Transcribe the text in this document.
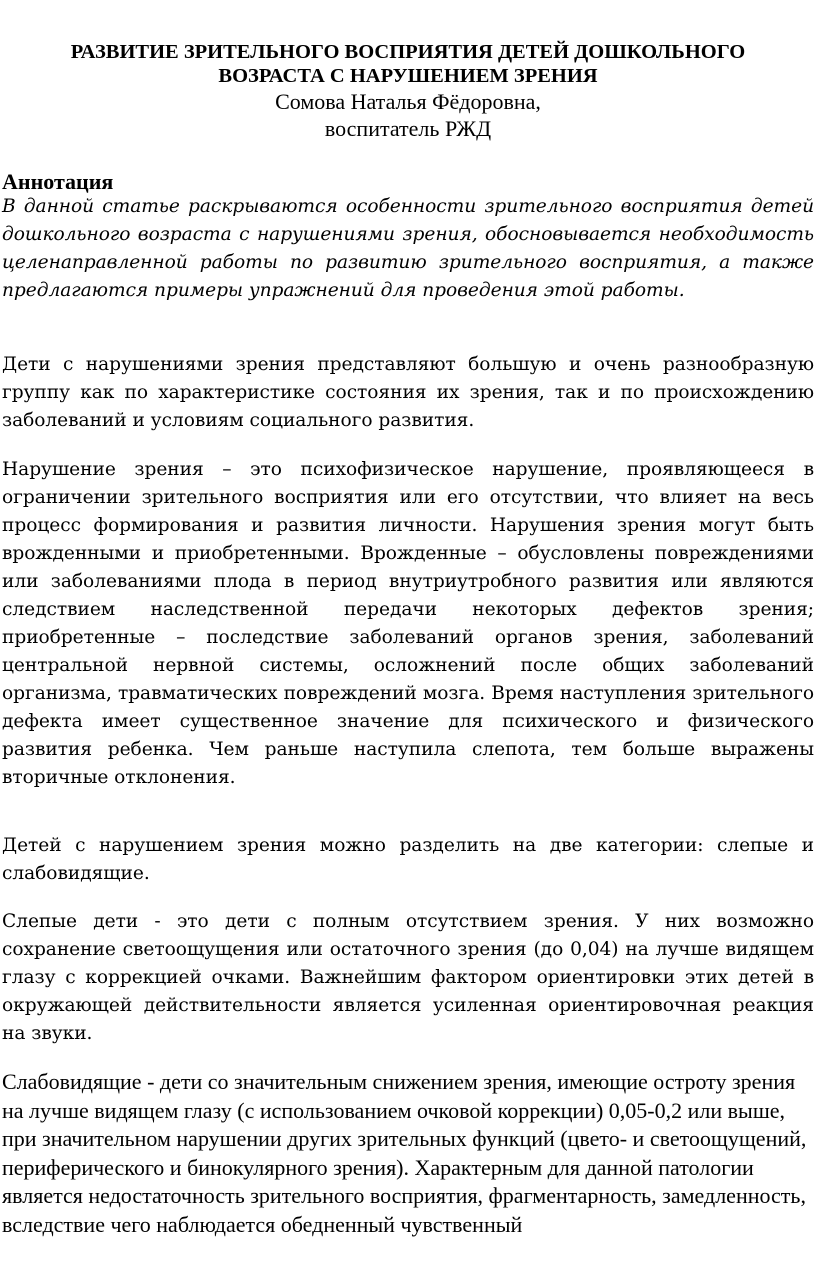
РАЗВИТИЕ ЗРИТЕЛЬНОГО ВОСПРИЯТИЯ ДЕТЕЙ ДОШКОЛЬНОГО
ВОЗРАСТА С НАРУШЕНИЕМ ЗРЕНИЯ
Сомова Наталья Фёдоровна,
воспитатель РЖД
Аннотация

В данной статье раскрываются особенности зрительного восприятия детей дошкольного возраста с нарушениями зрения, обосновывается необходимость целенаправленной работы по развитию зрительного восприятия, а также предлагаются примеры упражнений для проведения этой работы.

Дети с нарушениями зрения представляют большую и очень разнообразную группу как по характеристике состояния их зрения, так и по происхождению заболеваний и условиям социального развития.

Нарушение зрения – это психофизическое нарушение, проявляющееся в ограничении зрительного восприятия или его отсутствии, что влияет на весь процесс формирования и развития личности. Нарушения зрения могут быть врожденными и приобретенными. Врожденные – обусловлены повреждениями или заболеваниями плода в период внутриутробного развития или являются следствием наследственной передачи некоторых дефектов зрения; приобретенные – последствие заболеваний органов зрения, заболеваний центральной нервной системы, осложнений после общих заболеваний организма, травматических повреждений мозга. Время наступления зрительного дефекта имеет существенное значение для психического и физического развития ребенка. Чем раньше наступила слепота, тем больше выражены вторичные отклонения.

Детей с нарушением зрения можно разделить на две категории: слепые и слабовидящие.

Слепые дети - это дети с полным отсутствием зрения. У них возможно сохранение светоощущения или остаточного зрения (до 0,04) на лучше видящем глазу с коррекцией очками. Важнейшим фактором ориентировки этих детей в окружающей действительности является усиленная ориентировочная реакция на звуки.

Слабовидящие - дети со значительным снижением зрения, имеющие остроту зрения на лучше видящем глазу (с использованием очковой коррекции) 0,05-0,2 или выше, при значительном нарушении других зрительных функций (цвето- и светоощущений, периферического и бинокулярного зрения). Характерным для данной патологии является недостаточность зрительного восприятия, фрагментарность, замедленность, вследствие чего наблюдается обедненный чувственный
